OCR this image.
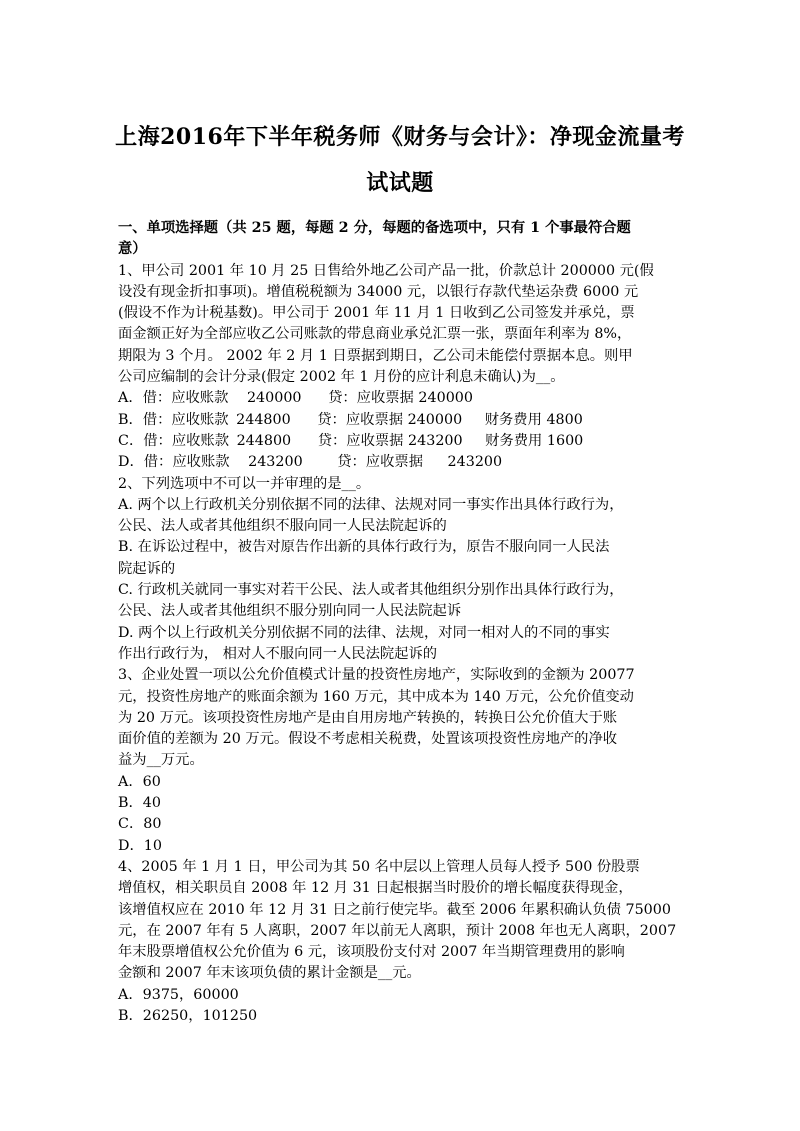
上海2016年下半年税务师《财务与会计》：净现金流量考
试试题
一、单项选择题（共 25 题，每题 2 分，每题的备选项中，只有 1 个事最符合题
意）
1、甲公司 2001 年 10 月 25 日售给外地乙公司产品一批，价款总计 200000 元(假
设没有现金折扣事项)。增值税税额为 34000 元，以银行存款代垫运杂费 6000 元
(假设不作为计税基数)。甲公司于 2001 年 11 月 1 日收到乙公司签发并承兑，票
面金额正好为全部应收乙公司账款的带息商业承兑汇票一张，票面年利率为 8%，
期限为 3 个月。 2002 年 2 月 1 日票据到期日，乙公司未能偿付票据本息。则甲
公司应编制的会计分录(假定 2002 年 1 月份的应计利息未确认)为__。
A．借：应收账款 240000 贷：应收票据 240000
B．借：应收账款 244800 贷：应收票据 240000 财务费用 4800
C．借：应收账款 244800 贷：应收票据 243200 财务费用 1600
D．借：应收账款 243200 贷：应收票据 243200
2、下列选项中不可以一并审理的是__。
A. 两个以上行政机关分别依据不同的法律、法规对同一事实作出具体行政行为，
公民、法人或者其他组织不服向同一人民法院起诉的
B. 在诉讼过程中，被告对原告作出新的具体行政行为，原告不服向同一人民法
院起诉的
C. 行政机关就同一事实对若干公民、法人或者其他组织分别作出具体行政行为，
公民、法人或者其他组织不服分别向同一人民法院起诉
D. 两个以上行政机关分别依据不同的法律、法规，对同一相对人的不同的事实
作出行政行为， 相对人不服向同一人民法院起诉的
3、企业处置一项以公允价值模式计量的投资性房地产，实际收到的金额为 20077
元，投资性房地产的账面余额为 160 万元，其中成本为 140 万元，公允价值变动
为 20 万元。该项投资性房地产是由自用房地产转换的，转换日公允价值大于账
面价值的差额为 20 万元。假设不考虑相关税费，处置该项投资性房地产的净收
益为__万元。
A．60
B．40
C．80
D．10
4、2005 年 1 月 1 日，甲公司为其 50 名中层以上管理人员每人授予 500 份股票
增值权，相关职员自 2008 年 12 月 31 日起根据当时股价的增长幅度获得现金，
该增值权应在 2010 年 12 月 31 日之前行使完毕。截至 2006 年累积确认负债 75000
元，在 2007 年有 5 人离职，2007 年以前无人离职，预计 2008 年也无人离职，2007
年末股票增值权公允价值为 6 元，该项股份支付对 2007 年当期管理费用的影响
金额和 2007 年末该项负债的累计金额是__元。
A．9375，60000
B．26250，101250
